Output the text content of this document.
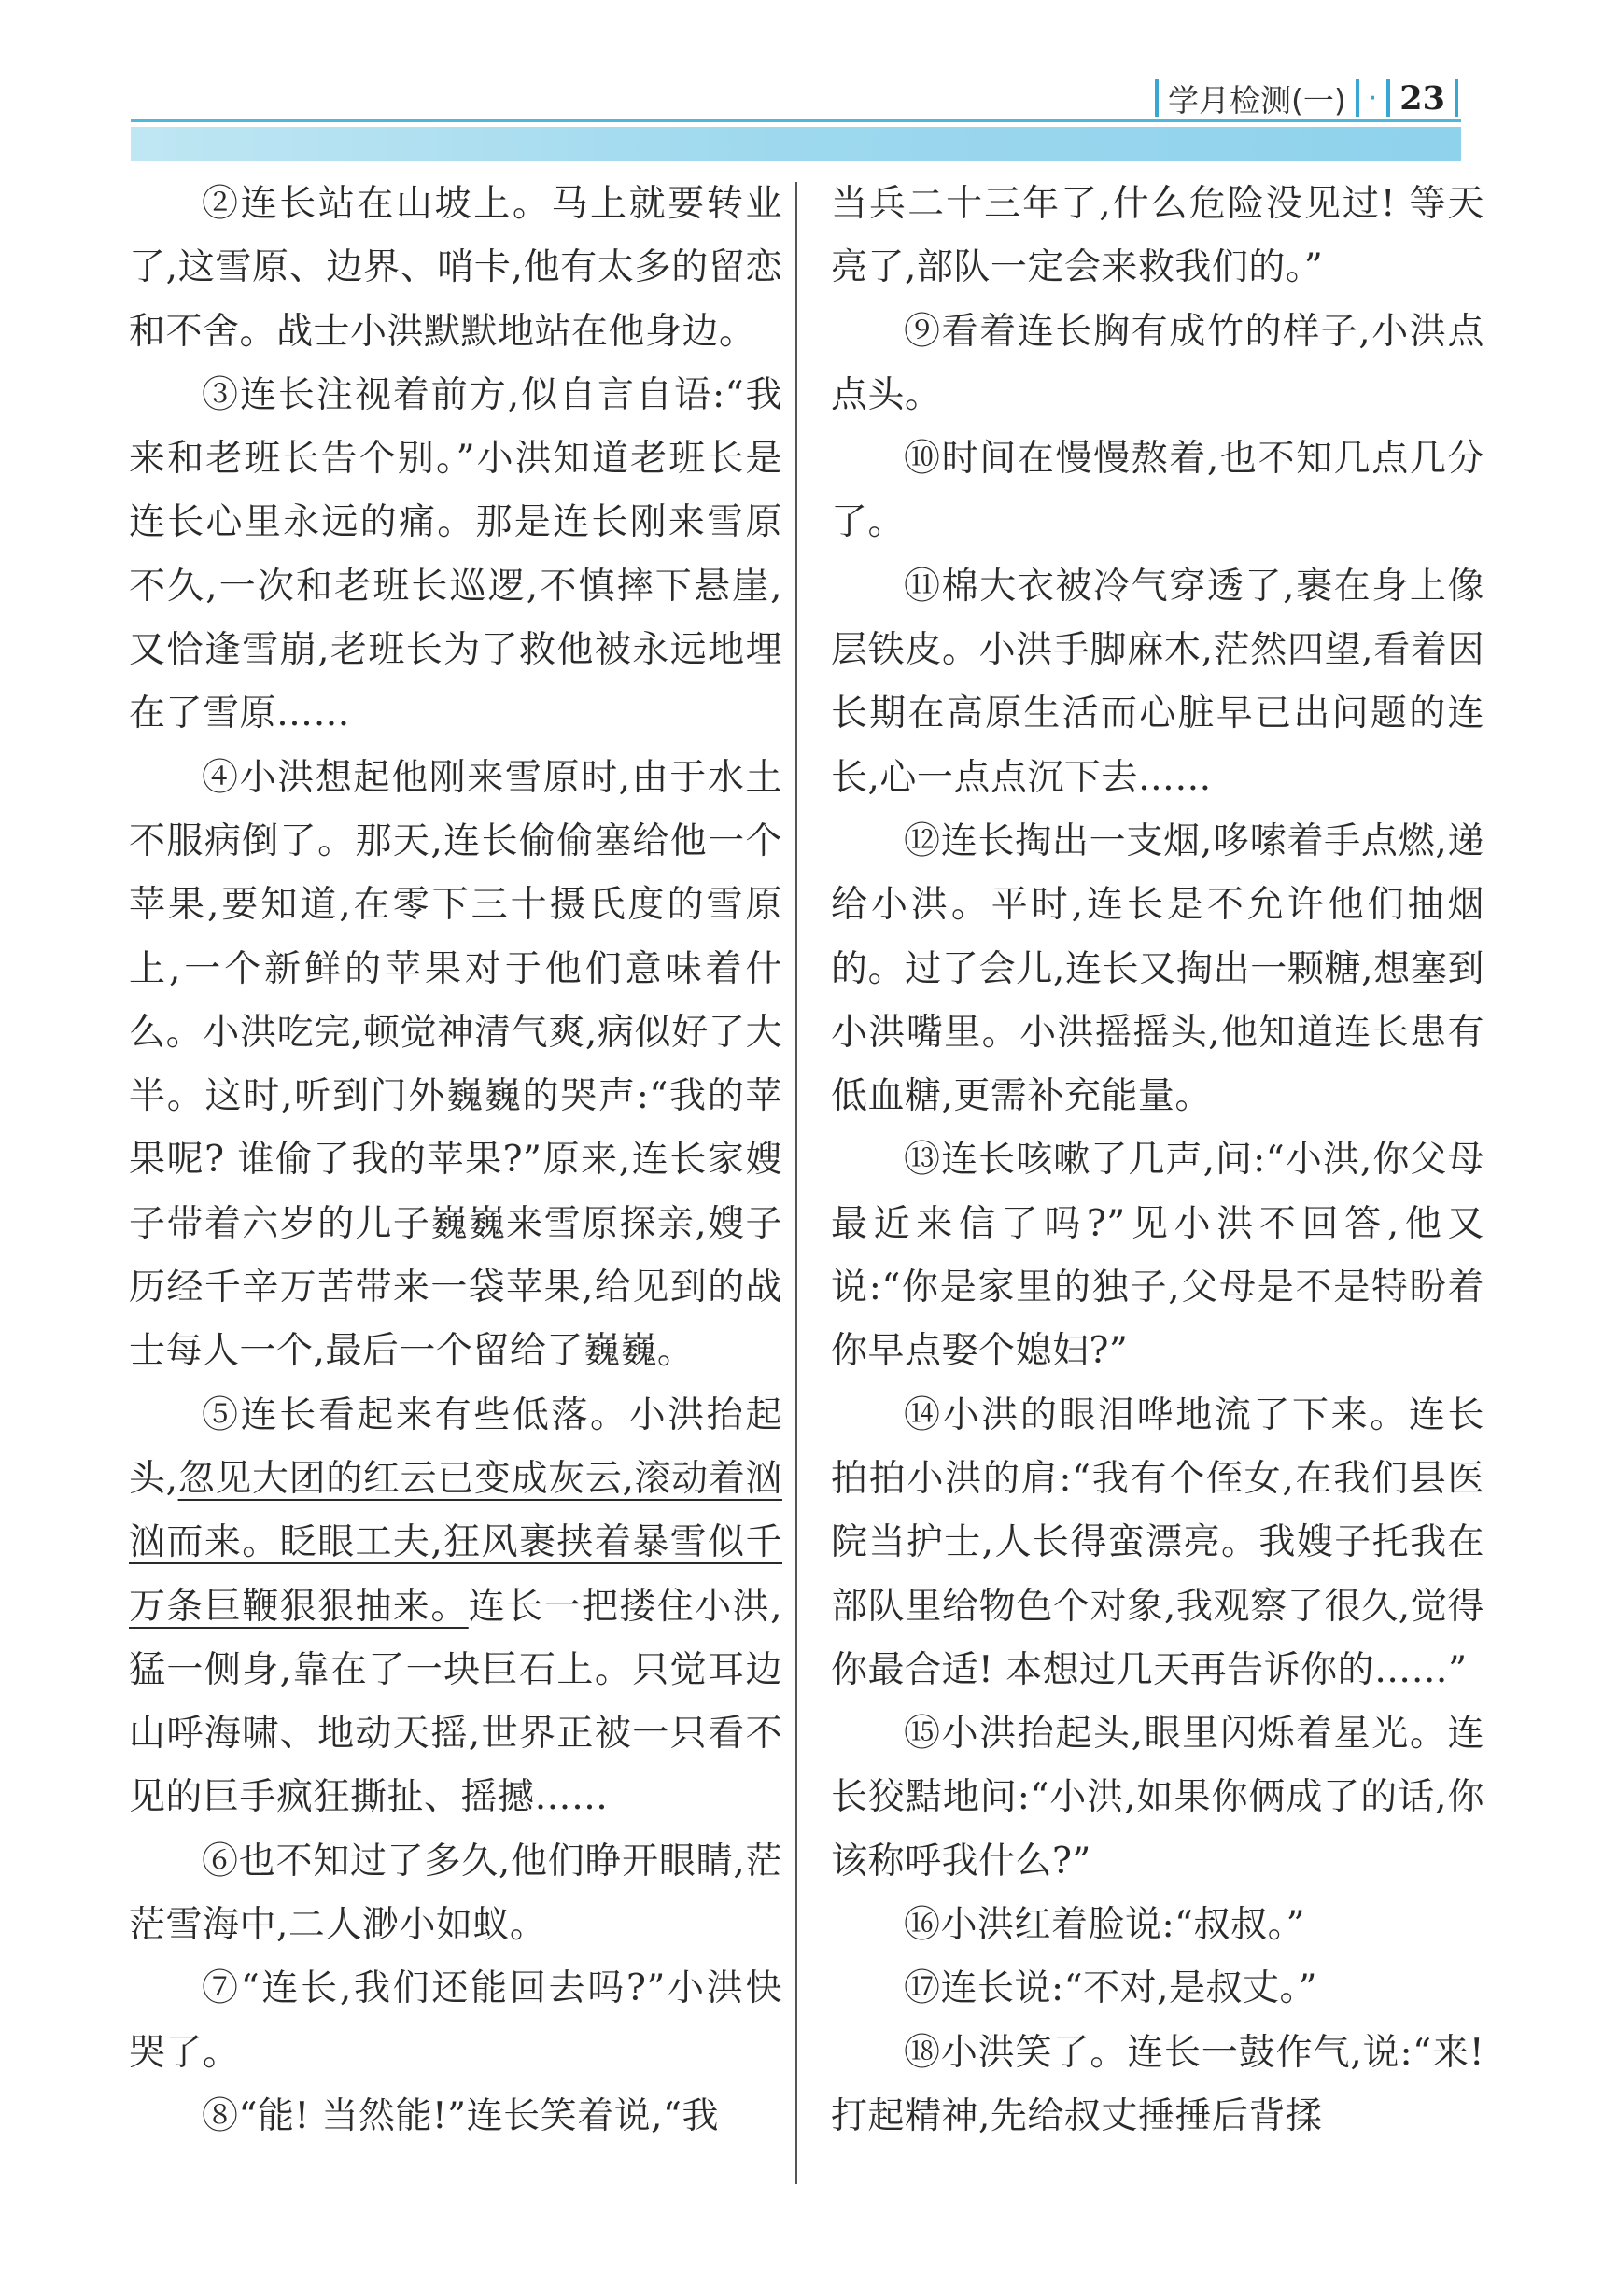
学月检测(一) · 23

②连长站在山坡上。马上就要转业了,这雪原、边界、哨卡,他有太多的留恋和不舍。战士小洪默默地站在他身边。

③连长注视着前方,似自言自语:“我来和老班长告个别。”小洪知道老班长是连长心里永远的痛。那是连长刚来雪原不久,一次和老班长巡逻,不慎摔下悬崖,又恰逢雪崩,老班长为了救他被永远地埋在了雪原……

④小洪想起他刚来雪原时,由于水土不服病倒了。那天,连长偷偷塞给他一个苹果,要知道,在零下三十摄氏度的雪原上,一个新鲜的苹果对于他们意味着什么。小洪吃完,顿觉神清气爽,病似好了大半。这时,听到门外巍巍的哭声:“我的苹果呢? 谁偷了我的苹果?”原来,连长家嫂子带着六岁的儿子巍巍来雪原探亲,嫂子历经千辛万苦带来一袋苹果,给见到的战士每人一个,最后一个留给了巍巍。

⑤连长看起来有些低落。小洪抬起头,忽见大团的红云已变成灰云,滚动着汹汹而来。眨眼工夫,狂风裹挟着暴雪似千万条巨鞭狠狠抽来。连长一把搂住小洪,猛一侧身,靠在了一块巨石上。只觉耳边山呼海啸、地动天摇,世界正被一只看不见的巨手疯狂撕扯、摇撼……

⑥也不知过了多久,他们睁开眼睛,茫茫雪海中,二人渺小如蚁。

⑦“连长,我们还能回去吗?”小洪快哭了。

⑧“能! 当然能!”连长笑着说,“我

当兵二十三年了,什么危险没见过! 等天亮了,部队一定会来救我们的。”

⑨看着连长胸有成竹的样子,小洪点点头。

⑩时间在慢慢熬着,也不知几点几分了。

⑪棉大衣被冷气穿透了,裹在身上像层铁皮。小洪手脚麻木,茫然四望,看着因长期在高原生活而心脏早已出问题的连长,心一点点沉下去……

⑫连长掏出一支烟,哆嗦着手点燃,递给小洪。平时,连长是不允许他们抽烟的。过了会儿,连长又掏出一颗糖,想塞到小洪嘴里。小洪摇摇头,他知道连长患有低血糖,更需补充能量。

⑬连长咳嗽了几声,问:“小洪,你父母最近来信了吗?”见小洪不回答,他又说:“你是家里的独子,父母是不是特盼着你早点娶个媳妇?”

⑭小洪的眼泪哗地流了下来。连长拍拍小洪的肩:“我有个侄女,在我们县医院当护士,人长得蛮漂亮。我嫂子托我在部队里给物色个对象,我观察了很久,觉得你最合适! 本想过几天再告诉你的……”

⑮小洪抬起头,眼里闪烁着星光。连长狡黠地问:“小洪,如果你俩成了的话,你该称呼我什么?”

⑯小洪红着脸说:“叔叔。”

⑰连长说:“不对,是叔丈。”

⑱小洪笑了。连长一鼓作气,说:“来! 打起精神,先给叔丈捶捶后背揉
